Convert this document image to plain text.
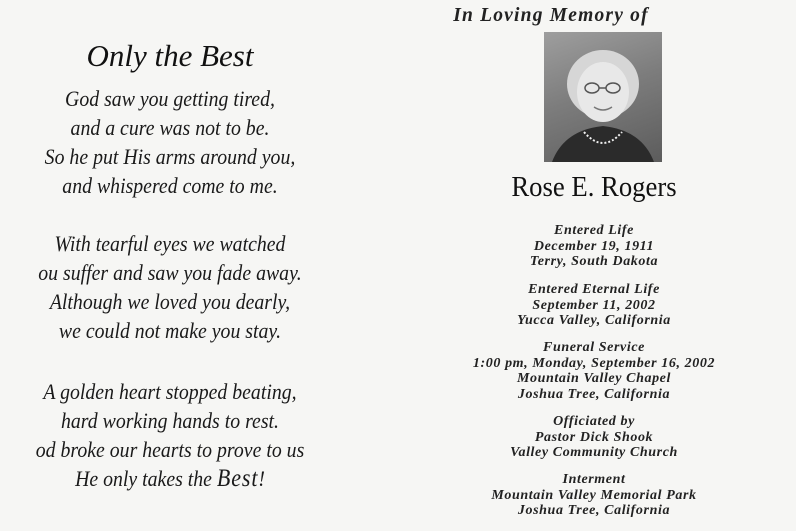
Only the Best
God saw you getting tired,
and a cure was not to be.
So he put His arms around you,
and whispered come to me.
With tearful eyes we watched
ou suffer and saw you fade away.
Although we loved you dearly,
we could not make you stay.
A golden heart stopped beating,
hard working hands to rest.
od broke our hearts to prove to us
He only takes the Best!
In Loving Memory of
Rose E. Rogers
Entered Life
December 19, 1911
Terry, South Dakota
Entered Eternal Life
September 11, 2002
Yucca Valley, California
Funeral Service
1:00 pm, Monday, September 16, 2002
Mountain Valley Chapel
Joshua Tree, California
Officiated by
Pastor Dick Shook
Valley Community Church
Interment
Mountain Valley Memorial Park
Joshua Tree, California
